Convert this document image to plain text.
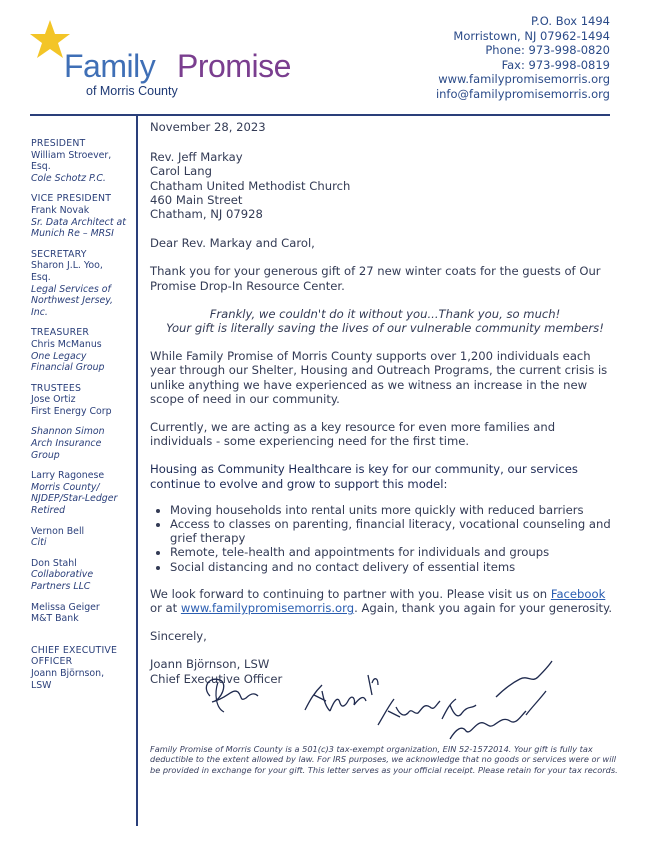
Family Promise
of Morris County
P.O. Box 1494
Morristown, NJ 07962-1494
Phone: 973-998-0820
Fax: 973-998-0819
www.familypromisemorris.org
info@familypromisemorris.org
PRESIDENT
William Stroever,
Esq.
Cole Schotz P.C.
VICE PRESIDENT
Frank Novak
Sr. Data Architect at
Munich Re – MRSI
SECRETARY
Sharon J.L. Yoo,
Esq.
Legal Services of
Northwest Jersey,
Inc.
TREASURER
Chris McManus
One Legacy
Financial Group
TRUSTEES
Jose Ortiz
First Energy Corp
Shannon Simon
Arch Insurance
Group
Larry Ragonese
Morris County/
NJDEP/Star-Ledger
Retired
Vernon Bell
Citi
Don Stahl
Collaborative
Partners LLC
Melissa Geiger
M&T Bank
CHIEF EXECUTIVE
OFFICER
Joann Björnson,
LSW

November 28, 2023

Rev. Jeff Markay

Carol Lang

Chatham United Methodist Church

460 Main Street

Chatham, NJ 07928

Dear Rev. Markay and Carol,

Thank you for your generous gift of 27 new winter coats for the guests of Our Promise Drop-In Resource Center.

Frankly, we couldn't do it without you...Thank you, so much!

Your gift is literally saving the lives of our vulnerable community members!

While Family Promise of Morris County supports over 1,200 individuals each year through our Shelter, Housing and Outreach Programs, the current crisis is unlike anything we have experienced as we witness an increase in the new scope of need in our community.

Currently, we are acting as a key resource for even more families and individuals - some experiencing need for the first time.

Housing as Community Healthcare is key for our community, our services continue to evolve and grow to support this model:

• Moving households into rental units more quickly with reduced barriers
• Access to classes on parenting, financial literacy, vocational counseling and grief therapy
• Remote, tele-health and appointments for individuals and groups
• Social distancing and no contact delivery of essential items

We look forward to continuing to partner with you. Please visit us on Facebook or at www.familypromisemorris.org. Again, thank you again for your generosity.

Sincerely,

Joann Björnson, LSW

Chief Executive Officer

Family Promise of Morris County is a 501(c)3 tax-exempt organization, EIN 52-1572014. Your gift is fully tax deductible to the extent allowed by law. For IRS purposes, we acknowledge that no goods or services were or will be provided in exchange for your gift. This letter serves as your official receipt. Please retain for your tax records.
